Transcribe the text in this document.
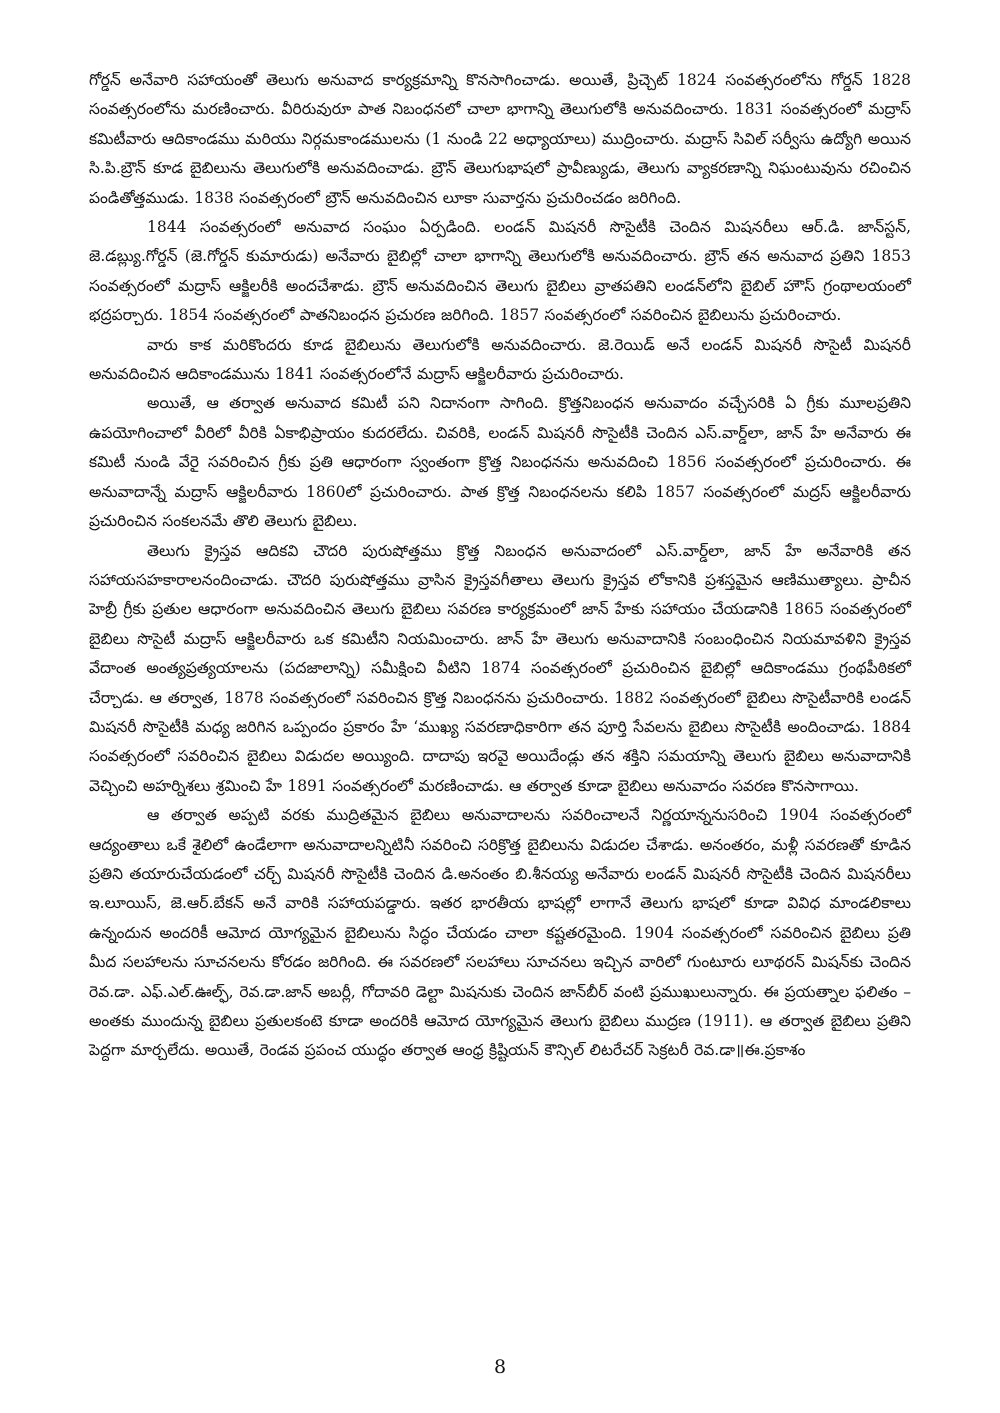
గోర్డన్ అనేవారి సహాయంతో తెలుగు అనువాద కార్యక్రమాన్ని కొనసాగించాడు. అయితే, ప్రిచ్చెట్ 1824 సంవత్సరంలోను గోర్డన్ 1828 సంవత్సరంలోను మరణించారు. వీరిరువురూ పాత నిబంధనలో చాలా భాగాన్ని తెలుగులోకి అనువదించారు. 1831 సంవత్సరంలో మద్రాస్ కమిటీవారు ఆదికాండము మరియు నిర్గమకాండములను (1 నుండి 22 అధ్యాయాలు) ముద్రించారు. మద్రాస్ సివిల్ సర్వీసు ఉద్యోగి అయిన సి.పి.బ్రౌన్ కూడ బైబిలును తెలుగులోకి అనువదించాడు. బ్రౌన్ తెలుగుభాషలో ప్రావీణ్యుడు, తెలుగు వ్యాకరణాన్ని నిఘంటువును రచించిన పండితోత్తముడు. 1838 సంవత్సరంలో బ్రౌన్ అనువదించిన లూకా సువార్తను ప్రచురించడం జరిగింది.

1844 సంవత్సరంలో అనువాద సంఘం ఏర్పడింది. లండన్ మిషనరీ సొసైటీకి చెందిన మిషనరీలు ఆర్.డి. జాన్‌స్టన్, జె.డబ్ల్యు.గోర్డన్ (జె.గోర్డన్ కుమారుడు) అనేవారు బైబిల్లో చాలా భాగాన్ని తెలుగులోకి అనువదించారు. బ్రౌన్ తన అనువాద ప్రతిని 1853 సంవత్సరంలో మద్రాస్ ఆక్జిలరీకి అందచేశాడు. బ్రౌన్ అనువదించిన తెలుగు బైబిలు వ్రాతపతిని లండన్‌లోని బైబిల్ హౌస్ గ్రంథాలయంలో భద్రపర్చారు. 1854 సంవత్సరంలో పాతనిబంధన ప్రచురణ జరిగింది. 1857 సంవత్సరంలో సవరించిన బైబిలును ప్రచురించారు.

వారు కాక మరికొందరు కూడ బైబిలును తెలుగులోకి అనువదించారు. జె.రెయిడ్ అనే లండన్ మిషనరీ సొసైటీ మిషనరీ అనువదించిన ఆదికాండమును 1841 సంవత్సరంలోనే మద్రాస్ ఆక్జిలరీవారు ప్రచురించారు.

అయితే, ఆ తర్వాత అనువాద కమిటీ పని నిదానంగా సాగింది. క్రొత్తనిబంధన అనువాదం వచ్చేసరికి ఏ గ్రీకు మూలప్రతిని ఉపయోగించాలో వీరిలో వీరికి ఏకాభిప్రాయం కుదరలేదు. చివరికి, లండన్ మిషనరీ సొసైటీకి చెందిన ఎస్.వార్డ్‌లా, జాన్ హే అనేవారు ఈ కమిటీ నుండి వేరై సవరించిన గ్రీకు ప్రతి ఆధారంగా స్వంతంగా క్రొత్త నిబంధనను అనువదించి 1856 సంవత్సరంలో ప్రచురించారు. ఈ అనువాదాన్నే మద్రాస్ ఆక్జిలరీవారు 1860లో ప్రచురించారు. పాత క్రొత్త నిబంధనలను కలిపి 1857 సంవత్సరంలో మద్రస్ ఆక్జిలరీవారు ప్రచురించిన సంకలనమే తొలి తెలుగు బైబిలు.

తెలుగు క్రైస్తవ ఆదికవి చౌదరి పురుషోత్తము క్రొత్త నిబంధన అనువాదంలో ఎస్.వార్డ్‌లా, జాన్ హే అనేవారికి తన సహాయసహకారాలనందించాడు. చౌదరి పురుషోత్తము వ్రాసిన క్రైస్తవగీతాలు తెలుగు క్రైస్తవ లోకానికి ప్రశస్తమైన ఆణిముత్యాలు. ప్రాచీన హెబ్రీ గ్రీకు ప్రతుల ఆధారంగా అనువదించిన తెలుగు బైబిలు సవరణ కార్యక్రమంలో జాన్ హేకు సహాయం చేయడానికి 1865 సంవత్సరంలో బైబిలు సొసైటీ మద్రాస్ ఆక్జిలరీవారు ఒక కమిటీని నియమించారు. జాన్ హే తెలుగు అనువాదానికి సంబంధించిన నియమావళిని క్రైస్తవ వేదాంత అంత్యప్రత్యయాలను (పదజాలాన్ని) సమీక్షించి వీటిని 1874 సంవత్సరంలో ప్రచురించిన బైబిల్లో ఆదికాండము గ్రంథపీఠికలో చేర్చాడు. ఆ తర్వాత, 1878 సంవత్సరంలో సవరించిన క్రొత్త నిబంధనను ప్రచురించారు. 1882 సంవత్సరంలో బైబిలు సొసైటీవారికి లండన్ మిషనరీ సొసైటీకి మధ్య జరిగిన ఒప్పందం ప్రకారం హే ‘ముఖ్య సవరణాధికారిగా తన పూర్తి సేవలను బైబిలు సొసైటీకి అందించాడు. 1884 సంవత్సరంలో సవరించిన బైబిలు విడుదల అయ్యింది. దాదాపు ఇరవై అయిదేండ్లు తన శక్తిని సమయాన్ని తెలుగు బైబిలు అనువాదానికి వెచ్చించి అహర్నిశలు శ్రమించి హే 1891 సంవత్సరంలో మరణించాడు. ఆ తర్వాత కూడా బైబిలు అనువాదం సవరణ కొనసాగాయి.

ఆ తర్వాత అప్పటి వరకు ముద్రితమైన బైబిలు అనువాదాలను సవరించాలనే నిర్ణయాన్ననుసరించి 1904 సంవత్సరంలో ఆద్యంతాలు ఒకే శైలిలో ఉండేలాగా అనువాదాలన్నిటినీ సవరించి సరిక్రొత్త బైబిలును విడుదల చేశాడు. అనంతరం, మళ్లీ సవరణతో కూడిన ప్రతిని తయారుచేయడంలో చర్చ్ మిషనరీ సొసైటీకి చెందిన డి.అనంతం బి.శీనయ్య అనేవారు లండన్ మిషనరీ సొసైటీకి చెందిన మిషనరీలు ఇ.లూయిస్, జె.ఆర్.బేకన్ అనే వారికి సహాయపడ్డారు. ఇతర భారతీయ భాషల్లో లాగానే తెలుగు భాషలో కూడా వివిధ మాండలికాలు ఉన్నందున అందరికీ ఆమోద యోగ్యమైన బైబిలును సిద్ధం చేయడం చాలా కష్టతరమైంది. 1904 సంవత్సరంలో సవరించిన బైబిలు ప్రతి మీద సలహాలను సూచనలను కోరడం జరిగింది. ఈ సవరణలో సలహాలు సూచనలు ఇచ్చిన వారిలో గుంటూరు లూథరన్ మిషన్‌కు చెందిన రెవ.డా. ఎఫ్.ఎల్.ఊల్ఫ్, రెవ.డా.జాన్ అబర్లీ, గోదావరి డెల్టా మిషనుకు చెందిన జాన్‌బీర్ వంటి ప్రముఖులున్నారు. ఈ ప్రయత్నాల ఫలితం – అంతకు ముందున్న బైబిలు ప్రతులకంటె కూడా అందరికి ఆమోద యోగ్యమైన తెలుగు బైబిలు ముద్రణ (1911). ఆ తర్వాత బైబిలు ప్రతిని పెద్దగా మార్చలేదు. అయితే, రెండవ ప్రపంచ యుద్ధం తర్వాత ఆంధ్ర క్రిష్టియన్ కౌన్సిల్ లిటరేచర్ సెక్రటరీ రెవ.డా॥ఈ.ప్రకాశం

8
